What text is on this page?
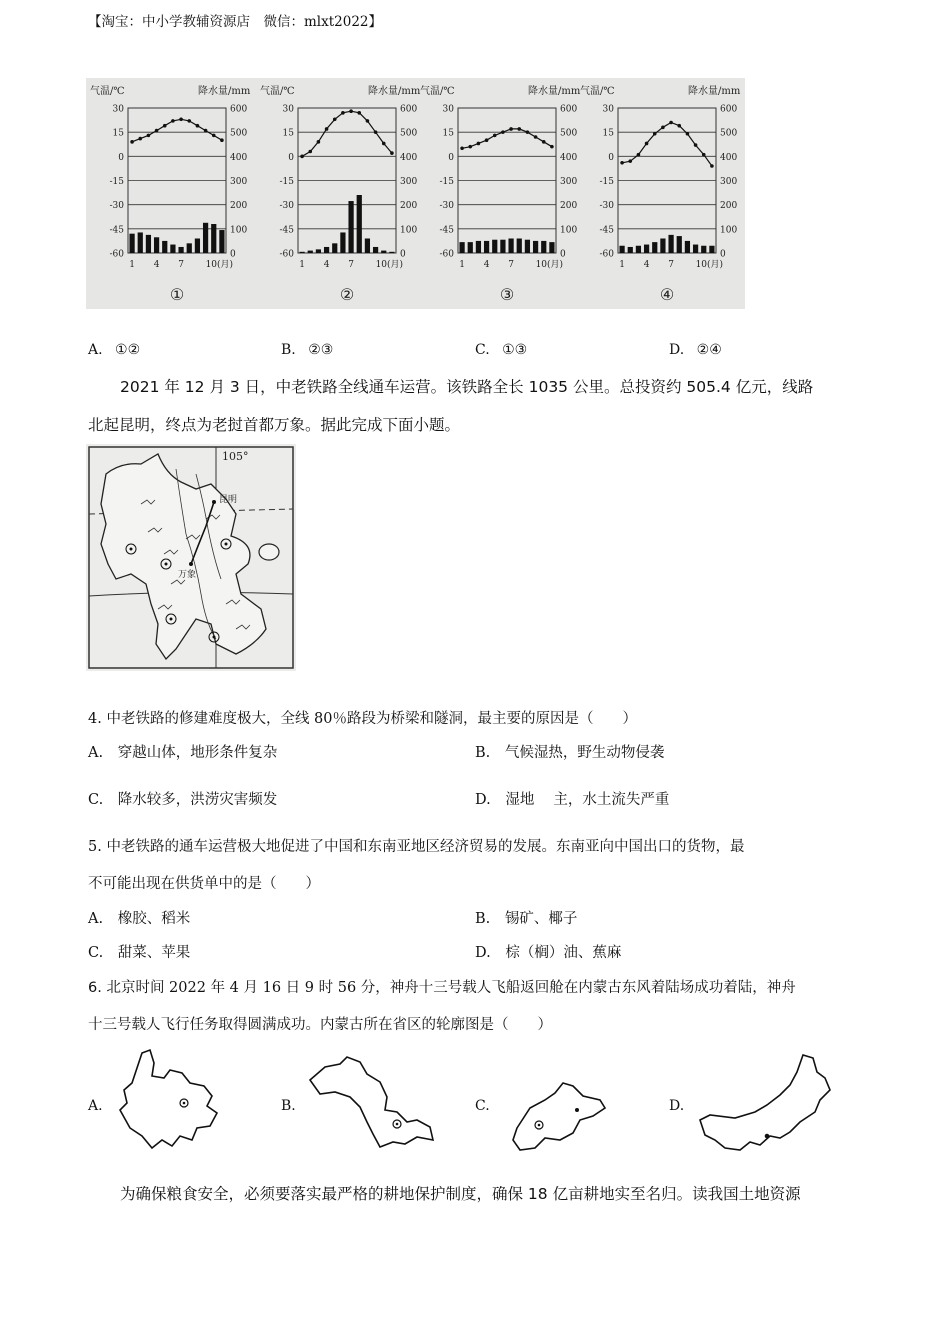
【淘宝：中小学教辅资源店　微信：mlxt2022】
气温/℃	降水量/mm
30	600
15	500
0	400
-15	300
-30	200
-45	100
-60	0
1 4 7 10(月)
①
气温/℃	降水量/mm
30	600
15	500
0	400
-15	300
-30	200
-45	100
-60	0
1 4 7 10(月)
②
气温/℃	降水量/mm
30	600
15	500
0	400
-15	300
-30	200
-45	100
-60	0
1 4 7 10(月)
③
气温/℃	降水量/mm
30	600
15	500
0	400
-15	300
-30	200
-45	100
-60	0
1 4 7 10(月)
④
A. ①②	B. ②③	C. ①③	D. ②④
2021 年 12 月 3 日，中老铁路全线通车运营。该铁路全长 1035 公里。总投资约 505.4 亿元，线路
北起昆明，终点为老挝首都万象。据此完成下面小题。
105°
昆明
万象
4. 中老铁路的修建难度极大，全线 80％路段为桥梁和隧洞，最主要的原因是（　　）
A. 穿越山体，地形条件复杂	B. 气候湿热，野生动物侵袭
C. 降水较多，洪涝灾害频发	D. 湿地　 主，水土流失严重
5. 中老铁路的通车运营极大地促进了中国和东南亚地区经济贸易的发展。东南亚向中国出口的货物，最
不可能出现在供货单中的是（　　）
A. 橡胶、稻米	B. 锡矿、椰子
C. 甜菜、苹果	D. 棕（榈）油、蕉麻
6. 北京时间 2022 年 4 月 16 日 9 时 56 分，神舟十三号载人飞船返回舱在内蒙古东风着陆场成功着陆，神舟
十三号载人飞行任务取得圆满成功。内蒙古所在省区的轮廓图是（　　）
A.	B.	C.	D.
为确保粮食安全，必须要落实最严格的耕地保护制度，确保 18 亿亩耕地实至名归。读我国土地资源
